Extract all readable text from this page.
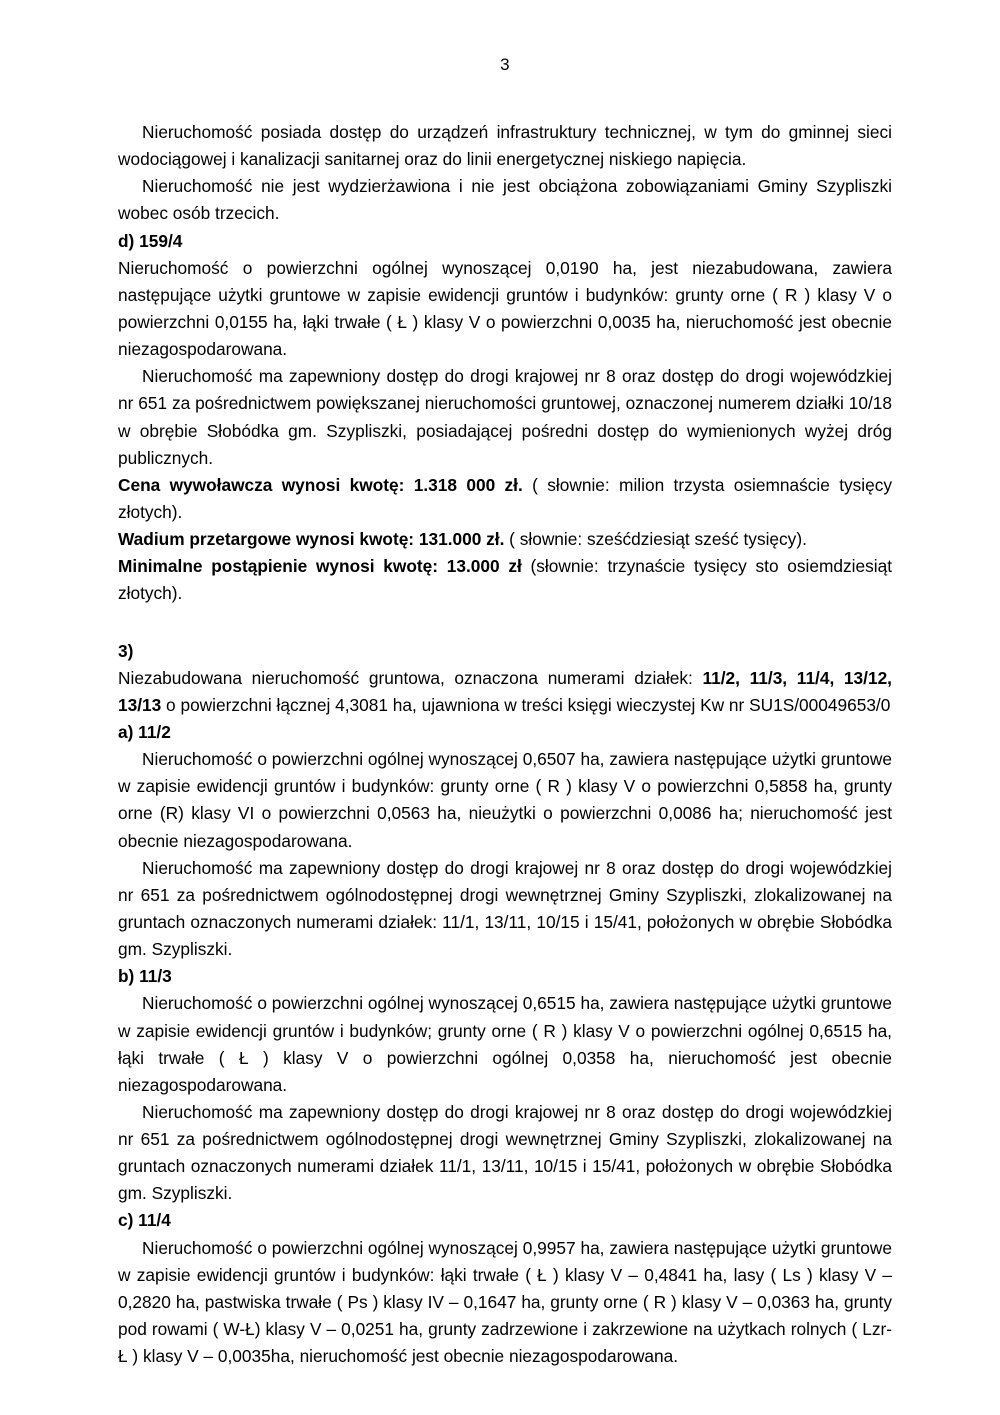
3

Nieruchomość posiada dostęp do urządzeń infrastruktury technicznej, w tym do gminnej sieci wodociągowej i kanalizacji sanitarnej oraz do linii energetycznej niskiego napięcia.

Nieruchomość nie jest wydzierżawiona i nie jest obciążona zobowiązaniami Gminy Szypliszki wobec osób trzecich.

d) 159/4

Nieruchomość o powierzchni ogólnej wynoszącej 0,0190 ha, jest niezabudowana, zawiera następujące użytki gruntowe w zapisie ewidencji gruntów i budynków: grunty orne ( R ) klasy V o powierzchni 0,0155 ha, łąki trwałe ( Ł ) klasy V o powierzchni 0,0035 ha, nieruchomość jest obecnie niezagospodarowana.

Nieruchomość ma zapewniony dostęp do drogi krajowej nr 8 oraz dostęp do drogi wojewódzkiej nr 651 za pośrednictwem powiększanej nieruchomości gruntowej, oznaczonej numerem działki 10/18 w obrębie Słobódka gm. Szypliszki, posiadającej pośredni dostęp do wymienionych wyżej dróg publicznych.

Cena wywoławcza wynosi kwotę: 1.318 000 zł. ( słownie: milion trzysta osiemnaście tysięcy złotych).

Wadium przetargowe wynosi kwotę: 131.000 zł. ( słownie: sześćdziesiąt sześć tysięcy).

Minimalne postąpienie wynosi kwotę: 13.000 zł (słownie: trzynaście tysięcy sto osiemdziesiąt złotych).

3)

Niezabudowana nieruchomość gruntowa, oznaczona numerami działek: 11/2, 11/3, 11/4, 13/12, 13/13 o powierzchni łącznej 4,3081 ha, ujawniona w treści księgi wieczystej Kw nr SU1S/00049653/0

a) 11/2

Nieruchomość o powierzchni ogólnej wynoszącej 0,6507 ha, zawiera następujące użytki gruntowe w zapisie ewidencji gruntów i budynków: grunty orne ( R ) klasy V o powierzchni 0,5858 ha, grunty orne (R) klasy VI o powierzchni 0,0563 ha, nieużytki o powierzchni 0,0086 ha; nieruchomość jest obecnie niezagospodarowana.

Nieruchomość ma zapewniony dostęp do drogi krajowej nr 8 oraz dostęp do drogi wojewódzkiej nr 651 za pośrednictwem ogólnodostępnej drogi wewnętrznej Gminy Szypliszki, zlokalizowanej na gruntach oznaczonych numerami działek: 11/1, 13/11, 10/15 i 15/41, położonych w obrębie Słobódka gm. Szypliszki.

b) 11/3

Nieruchomość o powierzchni ogólnej wynoszącej 0,6515 ha, zawiera następujące użytki gruntowe w zapisie ewidencji gruntów i budynków; grunty orne ( R ) klasy V o powierzchni ogólnej 0,6515 ha, łąki trwałe ( Ł ) klasy V o powierzchni ogólnej 0,0358 ha, nieruchomość jest obecnie niezagospodarowana.

Nieruchomość ma zapewniony dostęp do drogi krajowej nr 8 oraz dostęp do drogi wojewódzkiej nr 651 za pośrednictwem ogólnodostępnej drogi wewnętrznej Gminy Szypliszki, zlokalizowanej na gruntach oznaczonych numerami działek 11/1, 13/11, 10/15 i 15/41, położonych w obrębie Słobódka gm. Szypliszki.

c) 11/4

Nieruchomość o powierzchni ogólnej wynoszącej 0,9957 ha, zawiera następujące użytki gruntowe w zapisie ewidencji gruntów i budynków: łąki trwałe ( Ł ) klasy V – 0,4841 ha, lasy ( Ls ) klasy V – 0,2820 ha, pastwiska trwałe ( Ps ) klasy IV – 0,1647 ha, grunty orne ( R ) klasy V – 0,0363 ha, grunty pod rowami ( W-Ł) klasy V – 0,0251 ha, grunty zadrzewione i zakrzewione na użytkach rolnych ( Lzr-Ł ) klasy V – 0,0035ha, nieruchomość jest obecnie niezagospodarowana.
